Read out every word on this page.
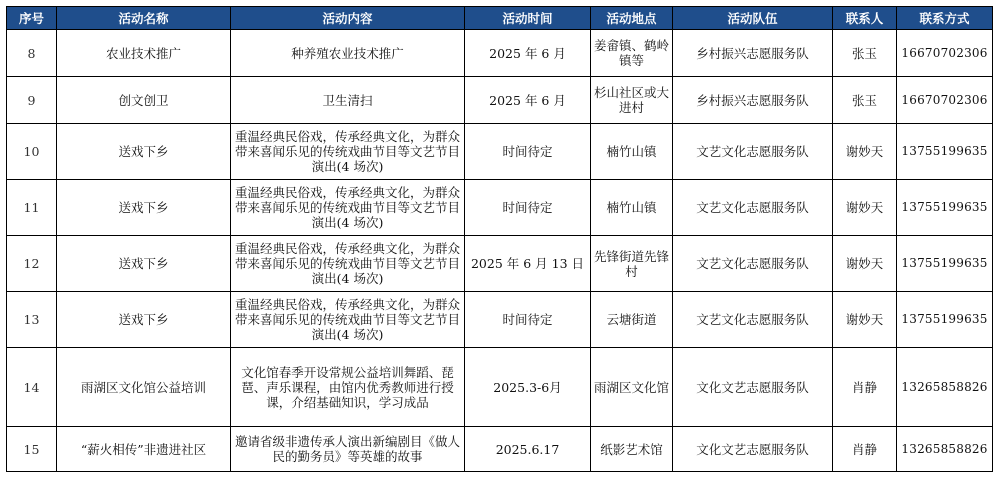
序号	活动名称	活动内容	活动时间	活动地点	活动队伍	联系人	联系方式
8	农业技术推广	种养殖农业技术推广	2025 年 6 月	姜畲镇、鹤岭镇等	乡村振兴志愿服务队	张玉	16670702306
9	创文创卫	卫生清扫	2025 年 6 月	杉山社区或大进村	乡村振兴志愿服务队	张玉	16670702306
10	送戏下乡	重温经典民俗戏，传承经典文化，为群众带来喜闻乐见的传统戏曲节目等文艺节目演出(4 场次)	时间待定	楠竹山镇	文艺文化志愿服务队	谢妙天	13755199635
11	送戏下乡	重温经典民俗戏，传承经典文化，为群众带来喜闻乐见的传统戏曲节目等文艺节目演出(4 场次)	时间待定	楠竹山镇	文艺文化志愿服务队	谢妙天	13755199635
12	送戏下乡	重温经典民俗戏，传承经典文化，为群众带来喜闻乐见的传统戏曲节目等文艺节目演出(4 场次)	2025 年 6 月 13 日	先锋街道先锋村	文艺文化志愿服务队	谢妙天	13755199635
13	送戏下乡	重温经典民俗戏，传承经典文化，为群众带来喜闻乐见的传统戏曲节目等文艺节目演出(4 场次)	时间待定	云塘街道	文艺文化志愿服务队	谢妙天	13755199635
14	雨湖区文化馆公益培训	文化馆春季开设常规公益培训舞蹈、琵琶、声乐课程，由馆内优秀教师进行授课，介绍基础知识，学习成品	2025.3-6月	雨湖区文化馆	文化文艺志愿服务队	肖静	13265858826
15	“薪火相传”非遗进社区	邀请省级非遗传承人演出新编剧目《做人民的勤务员》等英雄的故事	2025.6.17	纸影艺术馆	文化文艺志愿服务队	肖静	13265858826
